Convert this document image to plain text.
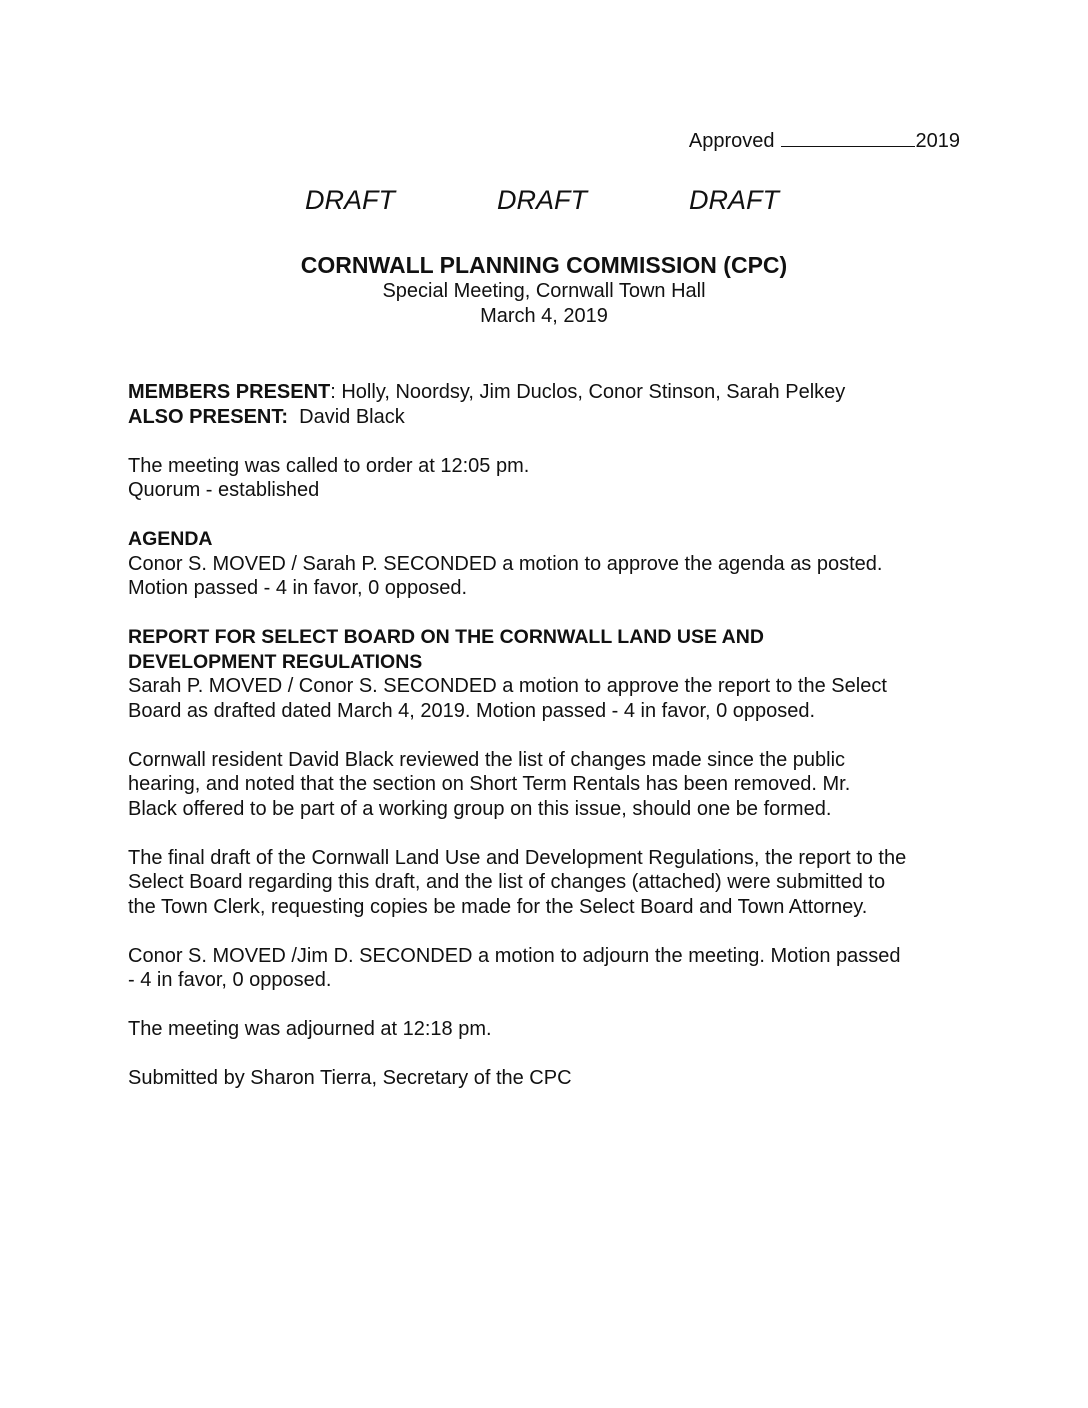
Approved	2019
DRAFT	DRAFT	DRAFT
CORNWALL PLANNING COMMISSION (CPC)
Special Meeting, Cornwall Town Hall
March 4, 2019

MEMBERS PRESENT: Holly, Noordsy, Jim Duclos, Conor Stinson, Sarah Pelkey
ALSO PRESENT: David Black

The meeting was called to order at 12:05 pm.
Quorum - established

AGENDA
Conor S. MOVED / Sarah P. SECONDED a motion to approve the agenda as posted.
Motion passed - 4 in favor, 0 opposed.

REPORT FOR SELECT BOARD ON THE CORNWALL LAND USE AND
DEVELOPMENT REGULATIONS
Sarah P. MOVED / Conor S. SECONDED a motion to approve the report to the Select
Board as drafted dated March 4, 2019. Motion passed - 4 in favor, 0 opposed.

Cornwall resident David Black reviewed the list of changes made since the public
hearing, and noted that the section on Short Term Rentals has been removed. Mr.
Black offered to be part of a working group on this issue, should one be formed.

The final draft of the Cornwall Land Use and Development Regulations, the report to the
Select Board regarding this draft, and the list of changes (attached) were submitted to
the Town Clerk, requesting copies be made for the Select Board and Town Attorney.

Conor S. MOVED /Jim D. SECONDED a motion to adjourn the meeting. Motion passed
- 4 in favor, 0 opposed.

The meeting was adjourned at 12:18 pm.

Submitted by Sharon Tierra, Secretary of the CPC
